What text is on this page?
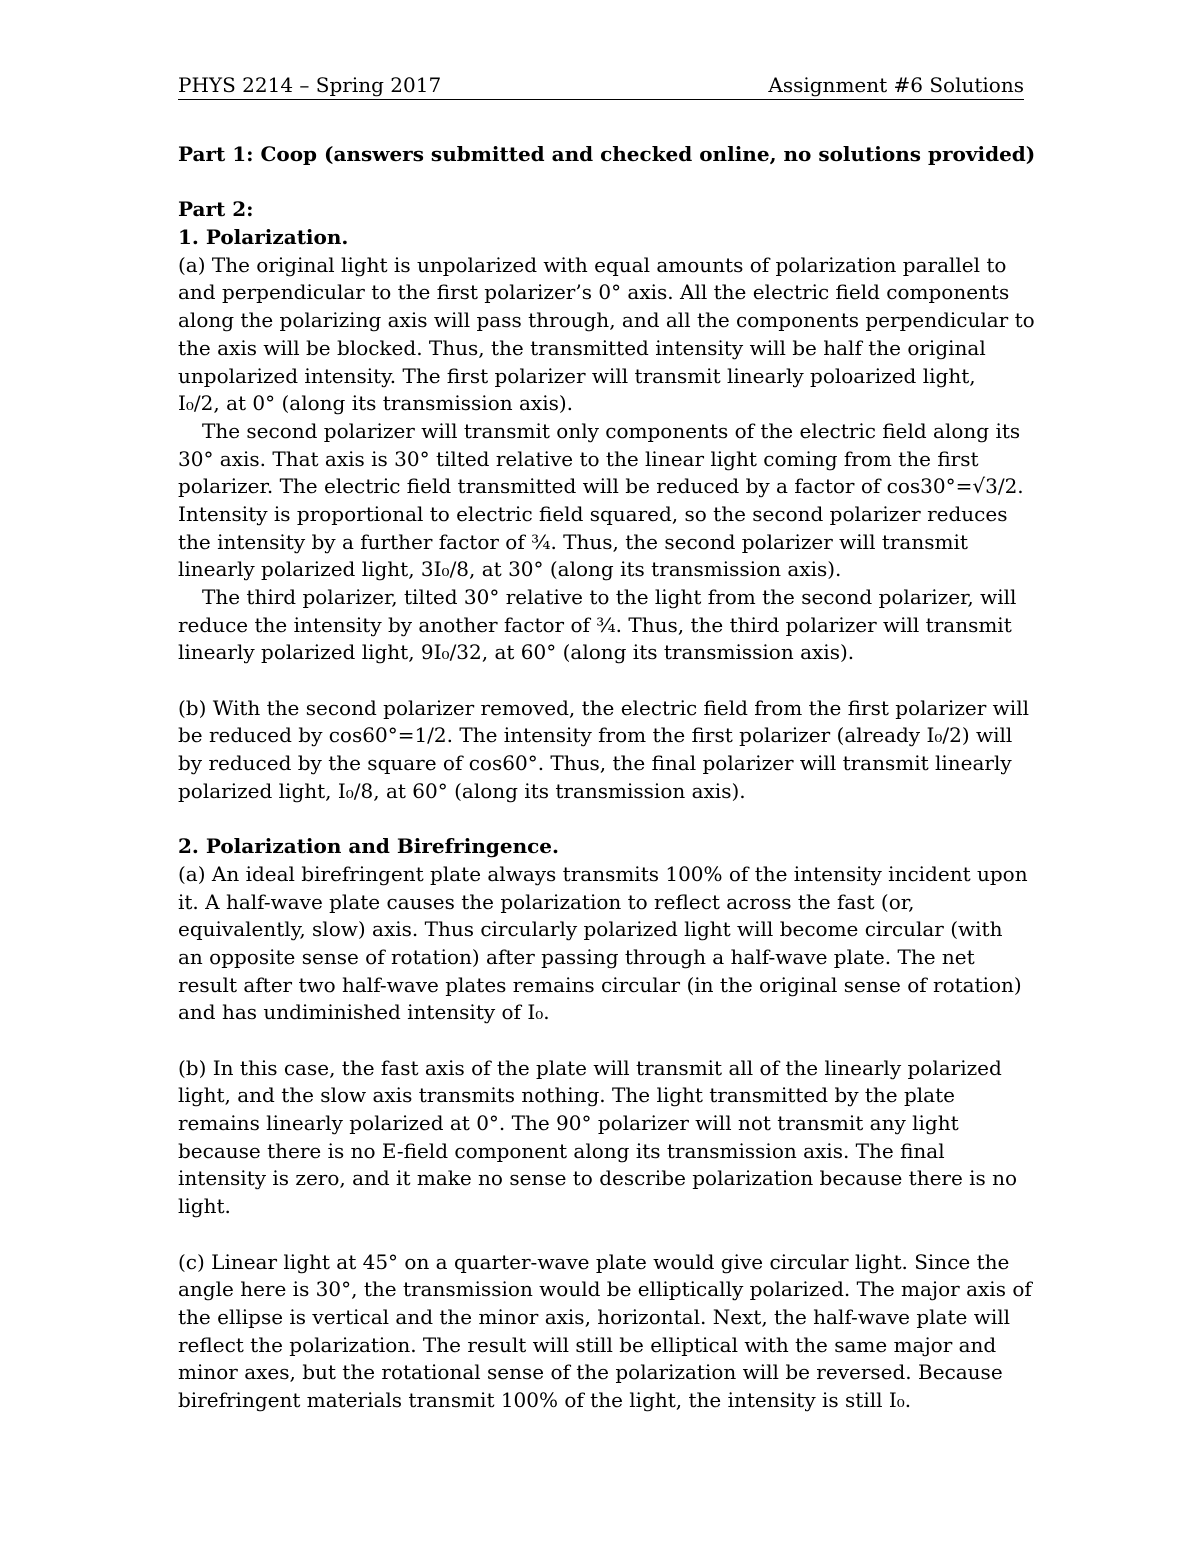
PHYS 2214 – Spring 2017	Assignment #6 Solutions
Part 1: Coop (answers submitted and checked online, no solutions provided)
Part 2:
1. Polarization.
(a) The original light is unpolarized with equal amounts of polarization parallel to
and perpendicular to the first polarizer’s 0° axis. All the electric field components
along the polarizing axis will pass through, and all the components perpendicular to
the axis will be blocked. Thus, the transmitted intensity will be half the original
unpolarized intensity. The first polarizer will transmit linearly poloarized light,
I₀/2, at 0° (along its transmission axis).
The second polarizer will transmit only components of the electric field along its
30° axis. That axis is 30° tilted relative to the linear light coming from the first
polarizer. The electric field transmitted will be reduced by a factor of cos30°=√3/2.
Intensity is proportional to electric field squared, so the second polarizer reduces
the intensity by a further factor of ¾. Thus, the second polarizer will transmit
linearly polarized light, 3I₀/8, at 30° (along its transmission axis).
The third polarizer, tilted 30° relative to the light from the second polarizer, will
reduce the intensity by another factor of ¾. Thus, the third polarizer will transmit
linearly polarized light, 9I₀/32, at 60° (along its transmission axis).
(b) With the second polarizer removed, the electric field from the first polarizer will
be reduced by cos60°=1/2. The intensity from the first polarizer (already I₀/2) will
by reduced by the square of cos60°. Thus, the final polarizer will transmit linearly
polarized light, I₀/8, at 60° (along its transmission axis).
2. Polarization and Birefringence.
(a) An ideal birefringent plate always transmits 100% of the intensity incident upon
it. A half-wave plate causes the polarization to reflect across the fast (or,
equivalently, slow) axis. Thus circularly polarized light will become circular (with
an opposite sense of rotation) after passing through a half-wave plate. The net
result after two half-wave plates remains circular (in the original sense of rotation)
and has undiminished intensity of I₀.
(b) In this case, the fast axis of the plate will transmit all of the linearly polarized
light, and the slow axis transmits nothing. The light transmitted by the plate
remains linearly polarized at 0°. The 90° polarizer will not transmit any light
because there is no E-field component along its transmission axis. The final
intensity is zero, and it make no sense to describe polarization because there is no
light.
(c) Linear light at 45° on a quarter-wave plate would give circular light. Since the
angle here is 30°, the transmission would be elliptically polarized. The major axis of
the ellipse is vertical and the minor axis, horizontal. Next, the half-wave plate will
reflect the polarization. The result will still be elliptical with the same major and
minor axes, but the rotational sense of the polarization will be reversed. Because
birefringent materials transmit 100% of the light, the intensity is still I₀.
